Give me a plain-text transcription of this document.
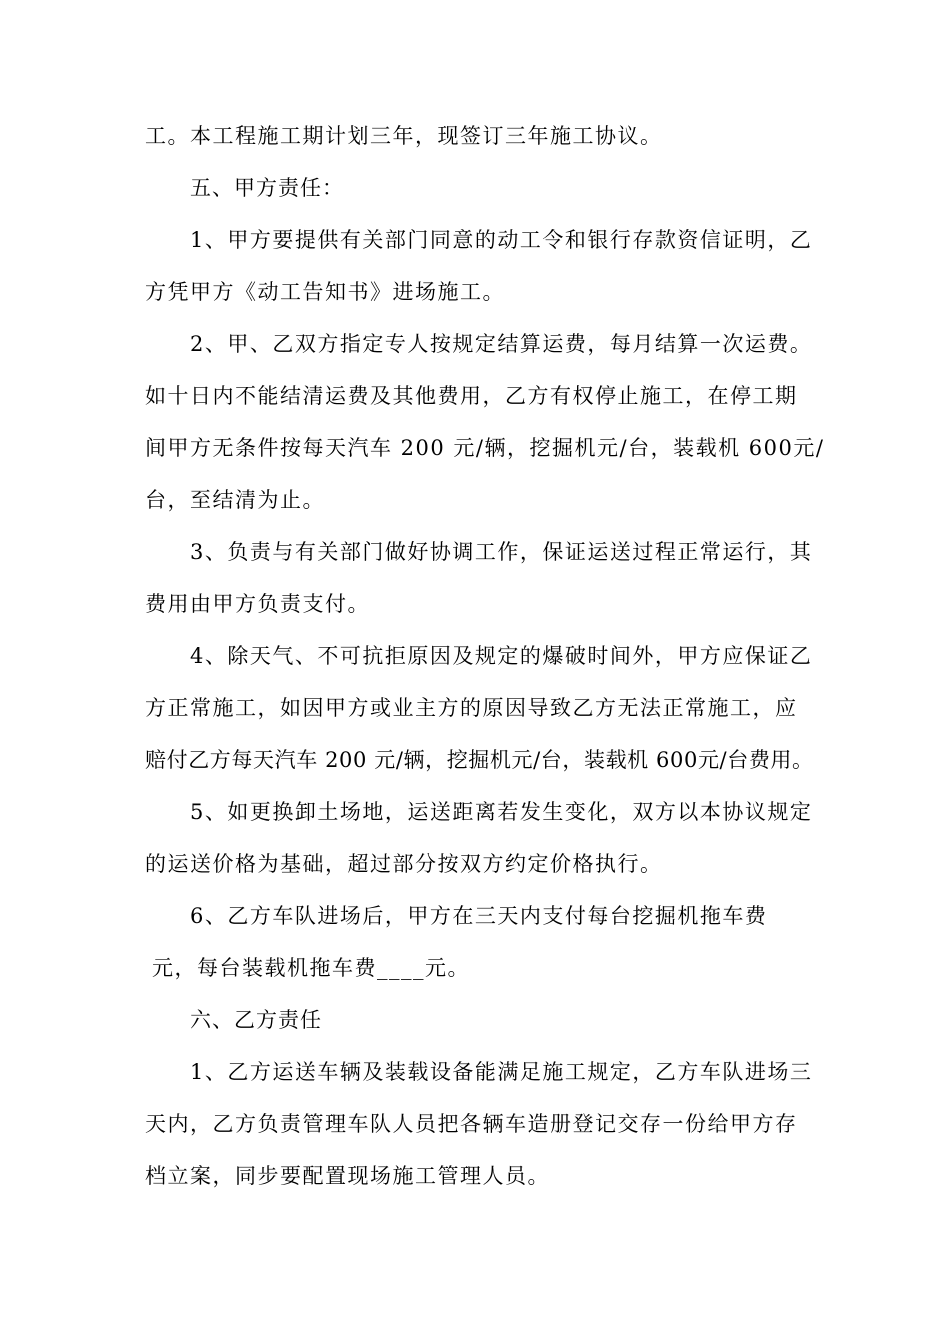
工。本工程施工期计划三年，现签订三年施工协议。
五、甲方责任：
1、甲方要提供有关部门同意的动工令和银行存款资信证明，乙
方凭甲方《动工告知书》进场施工。
2、甲、乙双方指定专人按规定结算运费，每月结算一次运费。
如十日内不能结清运费及其他费用，乙方有权停止施工，在停工期
间甲方无条件按每天汽车 200 元/辆，挖掘机元/台，装载机 600元/
台，至结清为止。
3、负责与有关部门做好协调工作，保证运送过程正常运行，其
费用由甲方负责支付。
4、除天气、不可抗拒原因及规定的爆破时间外，甲方应保证乙
方正常施工，如因甲方或业主方的原因导致乙方无法正常施工，应
赔付乙方每天汽车 200 元/辆，挖掘机元/台，装载机 600元/台费用。
5、如更换卸土场地，运送距离若发生变化，双方以本协议规定
的运送价格为基础，超过部分按双方约定价格执行。
6、乙方车队进场后，甲方在三天内支付每台挖掘机拖车费
元，每台装载机拖车费____元。
六、乙方责任
1、乙方运送车辆及装载设备能满足施工规定，乙方车队进场三
天内，乙方负责管理车队人员把各辆车造册登记交存一份给甲方存
档立案，同步要配置现场施工管理人员。
